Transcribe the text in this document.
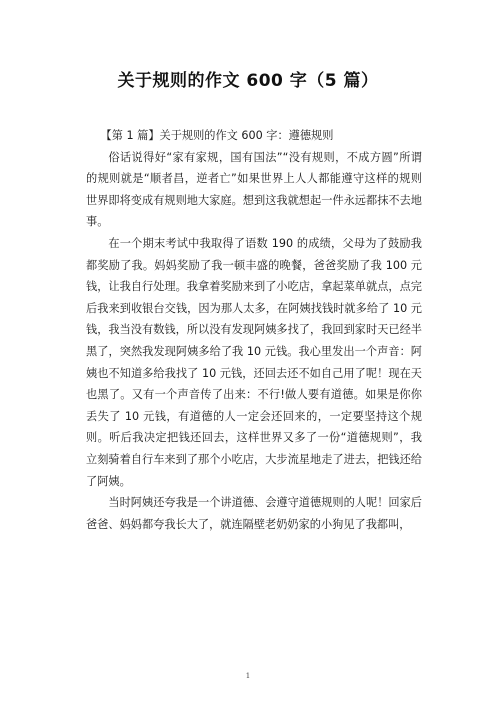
关于规则的作文 600 字（5 篇）

【第 1 篇】关于规则的作文 600 字：遵德规则

俗话说得好“家有家规，国有国法”“没有规则，不成方圆”所谓的规则就是“顺者昌，逆者亡”如果世界上人人都能遵守这样的规则世界即将变成有规则地大家庭。想到这我就想起一件永远都抹不去地事。

在一个期末考试中我取得了语数 190 的成绩，父母为了鼓励我都奖励了我。妈妈奖励了我一顿丰盛的晚餐，爸爸奖励了我 100 元钱，让我自行处理。我拿着奖励来到了小吃店，拿起菜单就点，点完后我来到收银台交钱，因为那人太多，在阿姨找钱时就多给了 10 元钱，我当没有数钱，所以没有发现阿姨多找了，我回到家时天已经半黑了，突然我发现阿姨多给了我 10 元钱。我心里发出一个声音：阿姨也不知道多给我找了 10 元钱，还回去还不如自己用了呢！现在天也黑了。又有一个声音传了出来：不行!做人要有道德。如果是你你丢失了 10 元钱，有道德的人一定会还回来的，一定要坚持这个规则。听后我决定把钱还回去，这样世界又多了一份“道德规则”，我立刻骑着自行车来到了那个小吃店，大步流星地走了进去，把钱还给了阿姨。

当时阿姨还夸我是一个讲道德、会遵守道德规则的人呢！回家后爸爸、妈妈都夸我长大了，就连隔壁老奶奶家的小狗见了我都叫，

1
